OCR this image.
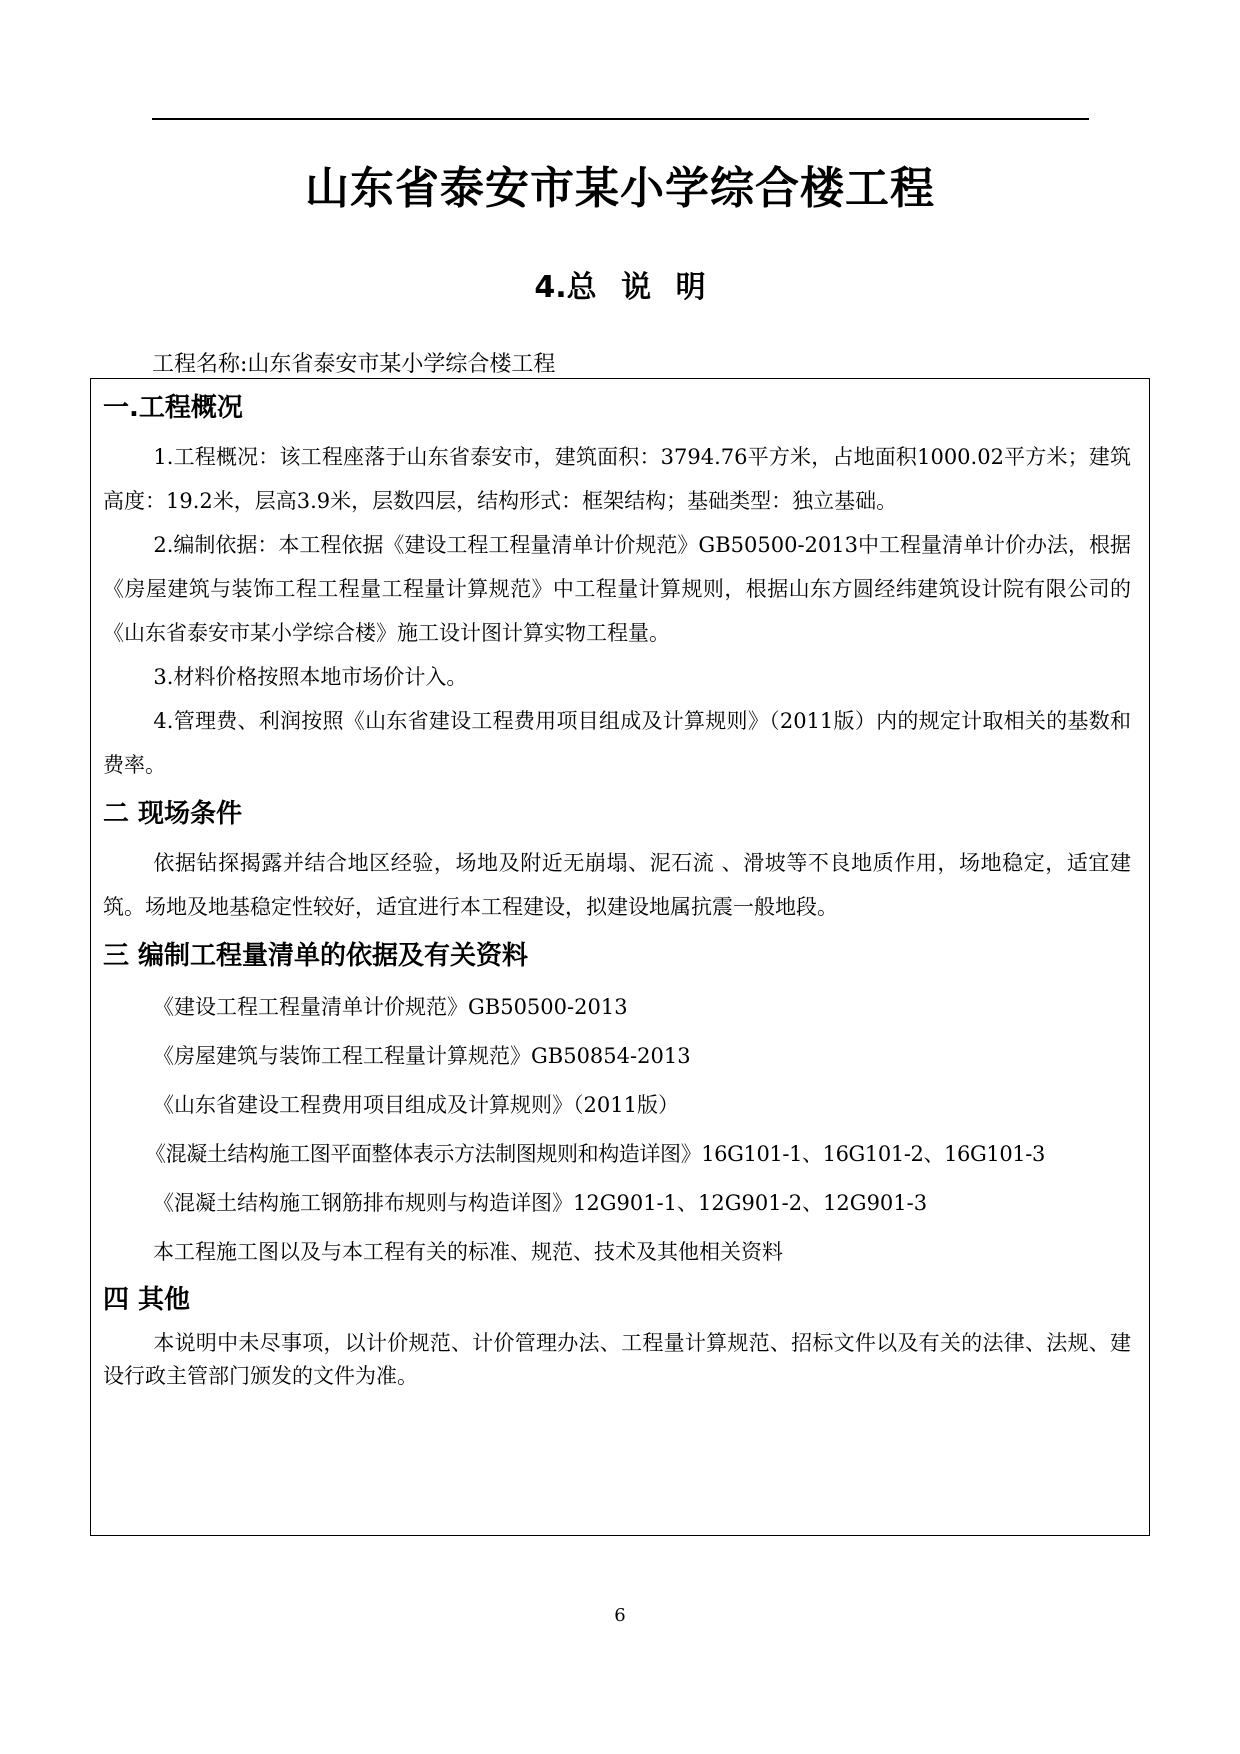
山东省泰安市某小学综合楼工程
4.总 说 明
工程名称:山东省泰安市某小学综合楼工程
一.工程概况

1.工程概况：该工程座落于山东省泰安市，建筑面积：3794.76平方米，占地面积1000.02平方米；建筑高度：19.2米，层高3.9米，层数四层，结构形式：框架结构；基础类型：独立基础。

2.编制依据：本工程依据《建设工程工程量清单计价规范》GB50500-2013中工程量清单计价办法，根据《房屋建筑与装饰工程工程量工程量计算规范》中工程量计算规则，根据山东方圆经纬建筑设计院有限公司的《山东省泰安市某小学综合楼》施工设计图计算实物工程量。

3.材料价格按照本地市场价计入。

4.管理费、利润按照《山东省建设工程费用项目组成及计算规则》（2011版）内的规定计取相关的基数和费率。

二 现场条件

依据钻探揭露并结合地区经验，场地及附近无崩塌、泥石流 、滑坡等不良地质作用，场地稳定，适宜建筑。场地及地基稳定性较好，适宜进行本工程建设，拟建设地属抗震一般地段。

三 编制工程量清单的依据及有关资料

《建设工程工程量清单计价规范》GB50500-2013

《房屋建筑与装饰工程工程量计算规范》GB50854-2013

《山东省建设工程费用项目组成及计算规则》（2011版）

《混凝土结构施工图平面整体表示方法制图规则和构造详图》16G101-1、16G101-2、16G101-3

《混凝土结构施工钢筋排布规则与构造详图》12G901-1、12G901-2、12G901-3

本工程施工图以及与本工程有关的标准、规范、技术及其他相关资料

四 其他

本说明中未尽事项，以计价规范、计价管理办法、工程量计算规范、招标文件以及有关的法律、法规、建设行政主管部门颁发的文件为准。

6
